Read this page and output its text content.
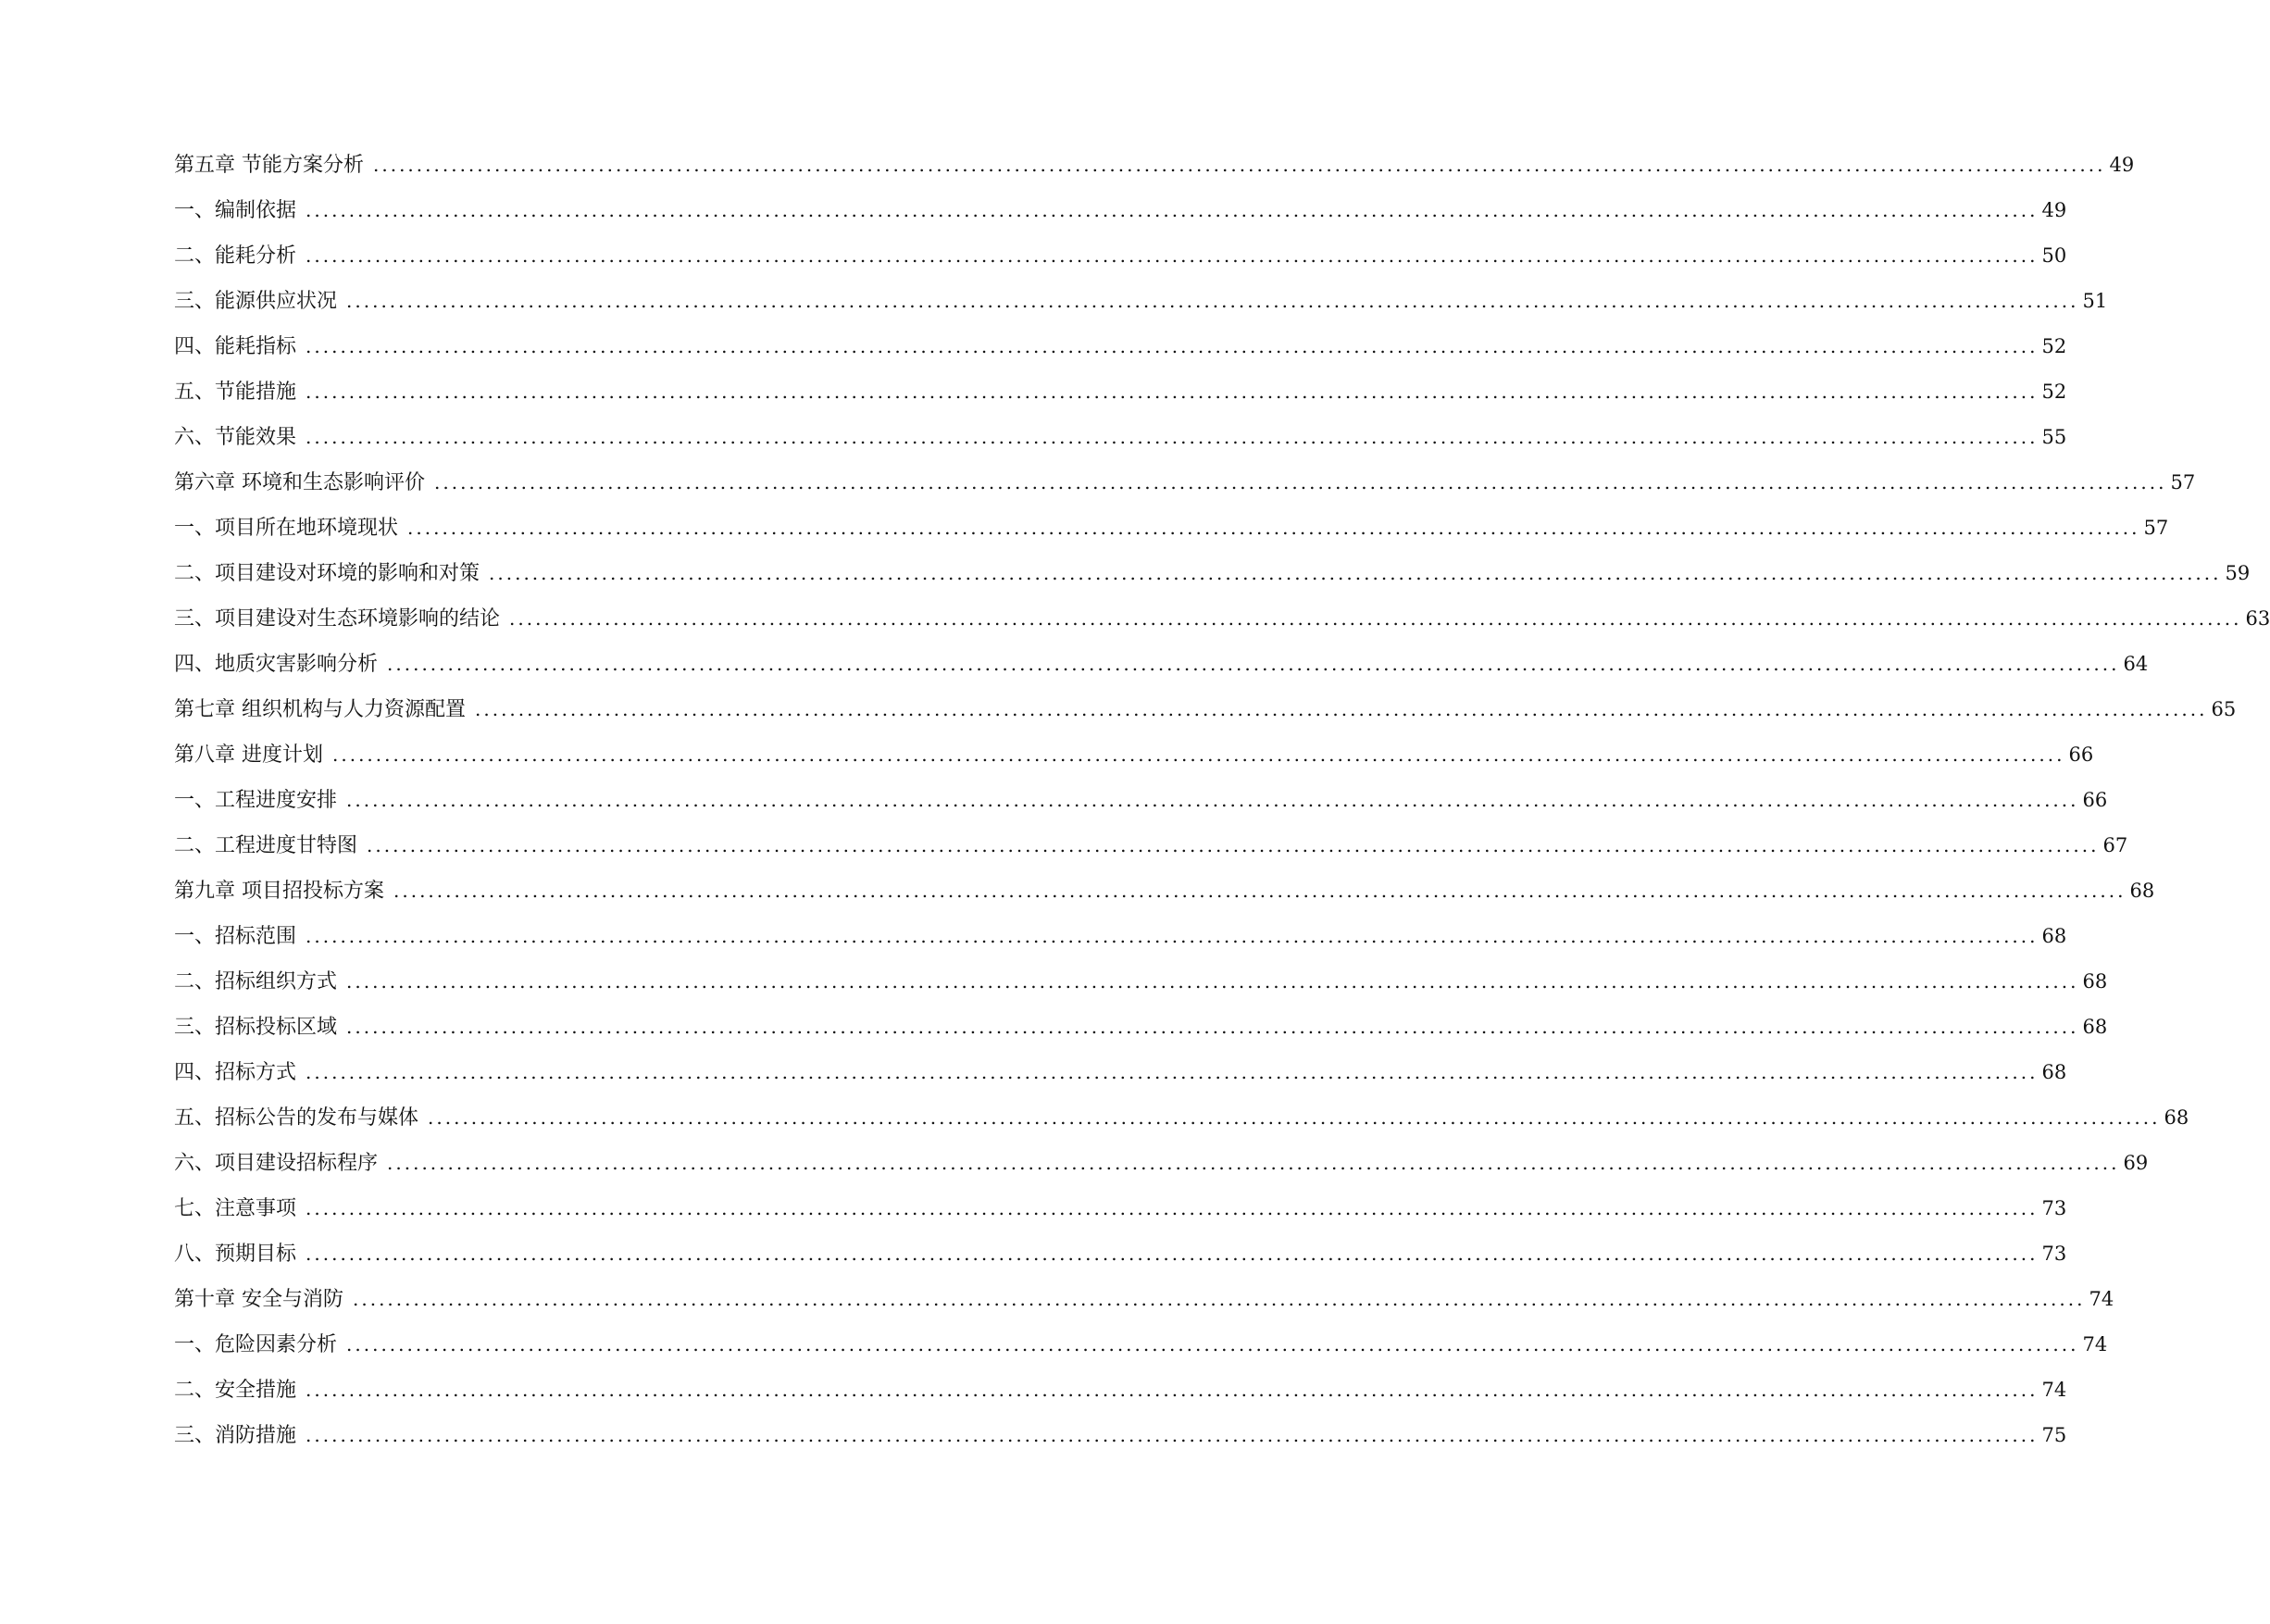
第五章 节能方案分析 ........................................................................................................................................................................................................ 49
一、编制依据 ........................................................................................................................................................................................................ 49
二、能耗分析 ........................................................................................................................................................................................................ 50
三、能源供应状况 ........................................................................................................................................................................................................ 51
四、能耗指标 ........................................................................................................................................................................................................ 52
五、节能措施 ........................................................................................................................................................................................................ 52
六、节能效果 ........................................................................................................................................................................................................ 55
第六章 环境和生态影响评价 ........................................................................................................................................................................................................ 57
一、项目所在地环境现状 ........................................................................................................................................................................................................ 57
二、项目建设对环境的影响和对策 ........................................................................................................................................................................................................ 59
三、项目建设对生态环境影响的结论 ........................................................................................................................................................................................................ 63
四、地质灾害影响分析 ........................................................................................................................................................................................................ 64
第七章 组织机构与人力资源配置 ........................................................................................................................................................................................................ 65
第八章 进度计划 ........................................................................................................................................................................................................ 66
一、工程进度安排 ........................................................................................................................................................................................................ 66
二、工程进度甘特图 ........................................................................................................................................................................................................ 67
第九章 项目招投标方案 ........................................................................................................................................................................................................ 68
一、招标范围 ........................................................................................................................................................................................................ 68
二、招标组织方式 ........................................................................................................................................................................................................ 68
三、招标投标区域 ........................................................................................................................................................................................................ 68
四、招标方式 ........................................................................................................................................................................................................ 68
五、招标公告的发布与媒体 ........................................................................................................................................................................................................ 68
六、项目建设招标程序 ........................................................................................................................................................................................................ 69
七、注意事项 ........................................................................................................................................................................................................ 73
八、预期目标 ........................................................................................................................................................................................................ 73
第十章 安全与消防 ........................................................................................................................................................................................................ 74
一、危险因素分析 ........................................................................................................................................................................................................ 74
二、安全措施 ........................................................................................................................................................................................................ 74
三、消防措施 ........................................................................................................................................................................................................ 75
